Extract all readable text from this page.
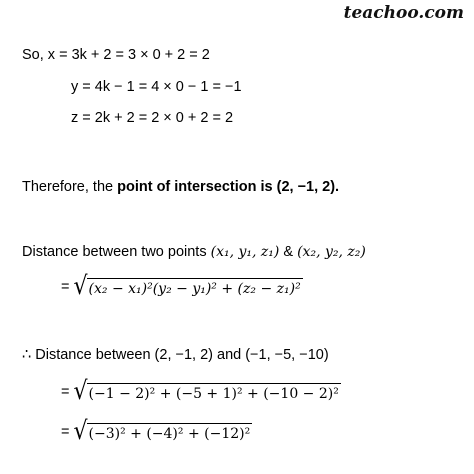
teachoo.com
So, x = 3k + 2 = 3 × 0 + 2 = 2
y = 4k − 1 = 4 × 0 − 1 = −1
z = 2k + 2 = 2 × 0 + 2 = 2
Therefore, the point of intersection is (2, −1, 2).
Distance between two points (x₁, y₁, z₁) & (x₂, y₂, z₂)
= √ (x₂ − x₁)²(y₂ − y₁)² + (z₂ − z₁)²
∴ Distance between (2, −1, 2) and (−1, −5, −10)
= √ (−1 − 2)² + (−5 + 1)² + (−10 − 2)²
= √ (−3)² + (−4)² + (−12)²
